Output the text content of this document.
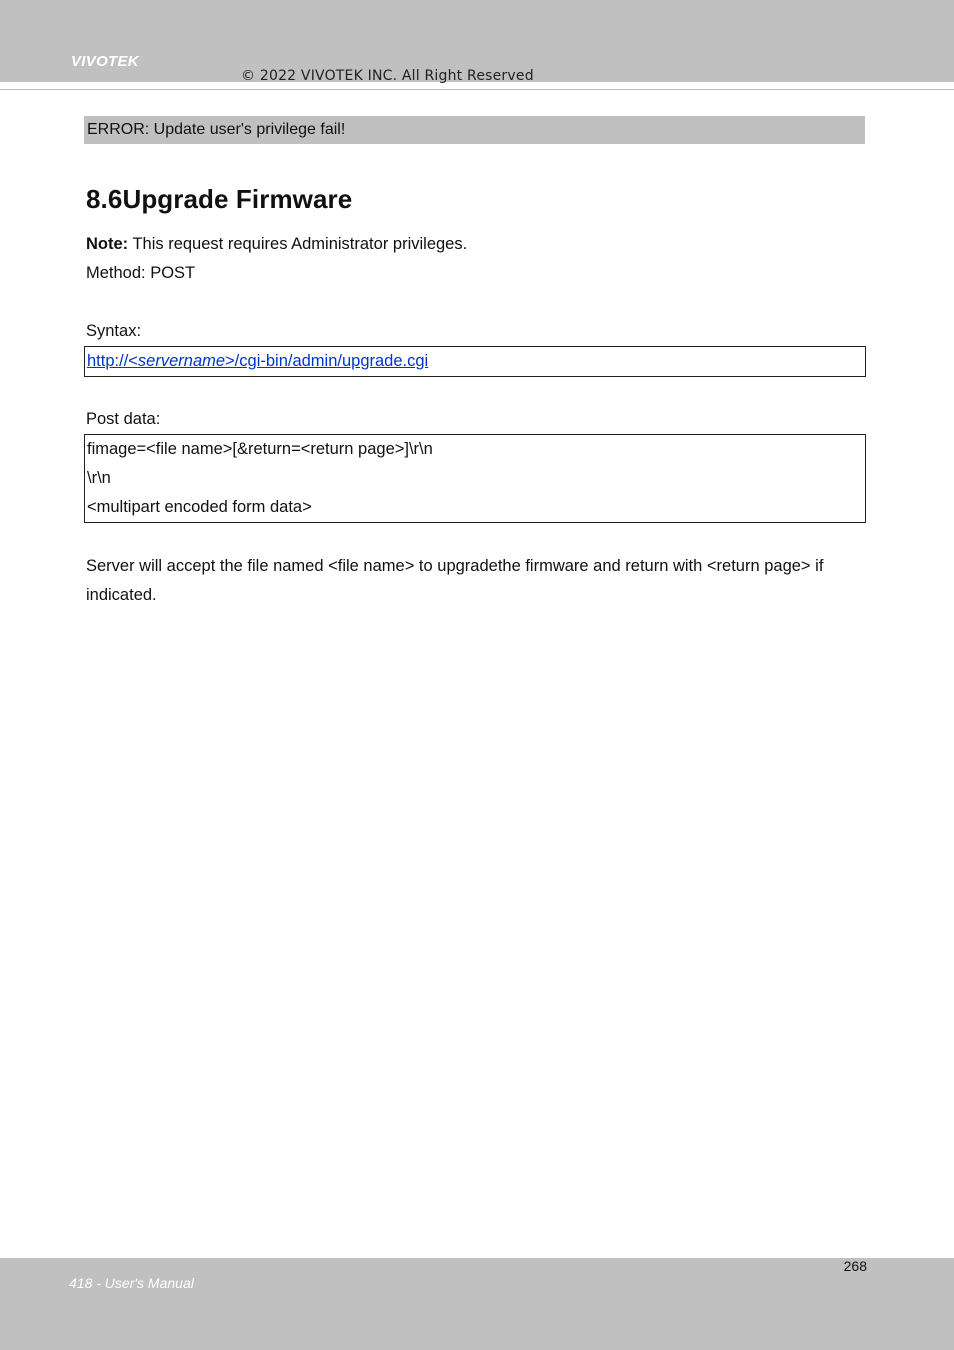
VIVOTEK
© 2022 VIVOTEK INC. All Right Reserved
ERROR: Update user's privilege fail!
8.6Upgrade Firmware

Note: This request requires Administrator privileges.

Method: POST

Syntax:

http://<servername>/cgi-bin/admin/upgrade.cgi

Post data:

fimage=<file name>[&return=<return page>]\r\n
\r\n
<multipart encoded form data>

Server will accept the file named <file name> to upgradethe firmware and return with <return page> if indicated.

268
418 - User's Manual
